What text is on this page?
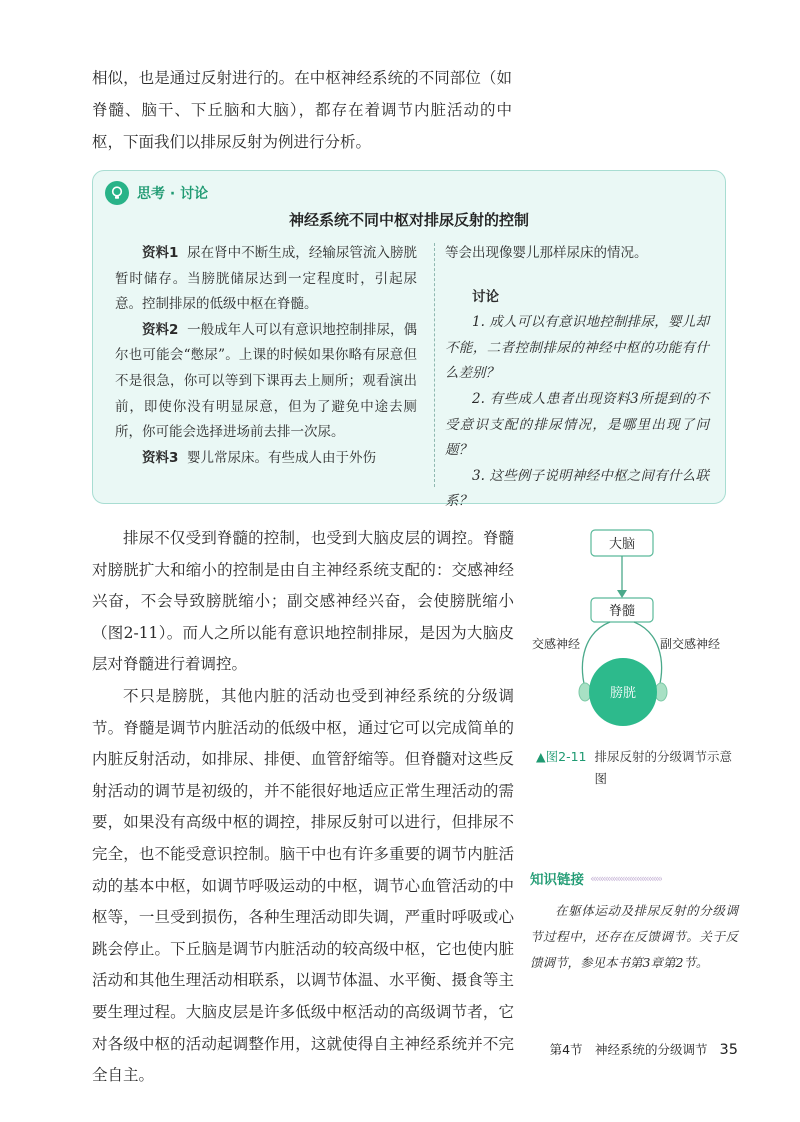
相似，也是通过反射进行的。在中枢神经系统的不同部位（如脊髓、脑干、下丘脑和大脑），都存在着调节内脏活动的中枢，下面我们以排尿反射为例进行分析。

思考 · 讨论
神经系统不同中枢对排尿反射的控制

资料1 尿在肾中不断生成，经输尿管流入膀胱暂时储存。当膀胱储尿达到一定程度时，引起尿意。控制排尿的低级中枢在脊髓。

资料2 一般成年人可以有意识地控制排尿，偶尔也可能会“憋尿”。上课的时候如果你略有尿意但不是很急，你可以等到下课再去上厕所；观看演出前，即使你没有明显尿意，但为了避免中途去厕所，你可能会选择进场前去排一次尿。

资料3 婴儿常尿床。有些成人由于外伤

等会出现像婴儿那样尿床的情况。

讨论

1. 成人可以有意识地控制排尿，婴儿却不能，二者控制排尿的神经中枢的功能有什么差别？

2. 有些成人患者出现资料3所提到的不受意识支配的排尿情况，是哪里出现了问题？

3. 这些例子说明神经中枢之间有什么联系？

排尿不仅受到脊髓的控制，也受到大脑皮层的调控。脊髓对膀胱扩大和缩小的控制是由自主神经系统支配的：交感神经兴奋，不会导致膀胱缩小；副交感神经兴奋，会使膀胱缩小（图2-11）。而人之所以能有意识地控制排尿，是因为大脑皮层对脊髓进行着调控。

不只是膀胱，其他内脏的活动也受到神经系统的分级调节。脊髓是调节内脏活动的低级中枢，通过它可以完成简单的内脏反射活动，如排尿、排便、血管舒缩等。但脊髓对这些反射活动的调节是初级的，并不能很好地适应正常生理活动的需要，如果没有高级中枢的调控，排尿反射可以进行，但排尿不完全，也不能受意识控制。脑干中也有许多重要的调节内脏活动的基本中枢，如调节呼吸运动的中枢，调节心血管活动的中枢等，一旦受到损伤，各种生理活动即失调，严重时呼吸或心跳会停止。下丘脑是调节内脏活动的较高级中枢，它也使内脏活动和其他生理活动相联系，以调节体温、水平衡、摄食等主要生理过程。大脑皮层是许多低级中枢活动的高级调节者，它对各级中枢的活动起调整作用，这就使得自主神经系统并不完全自主。

大脑
脊髓
交感神经	副交感神经
膀胱
▲图2-11 排尿反射的分级调节示意图
知识链接 ‹‹‹‹‹‹‹‹‹‹‹‹‹‹‹‹‹‹‹‹‹‹‹‹‹‹‹‹‹‹
在躯体运动及排尿反射的分级调节过程中，还存在反馈调节。关于反馈调节，参见本书第3章第2节。
第4节　神经系统的分级调节 35
